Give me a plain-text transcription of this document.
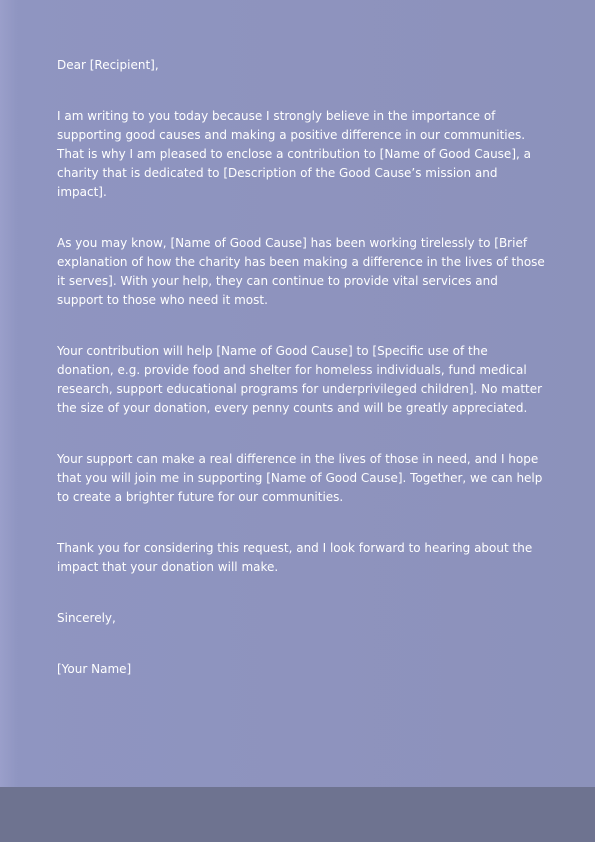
Dear [Recipient],

I am writing to you today because I strongly believe in the importance of supporting good causes and making a positive difference in our communities. That is why I am pleased to enclose a contribution to [Name of Good Cause], a charity that is dedicated to [Description of the Good Cause’s mission and impact].

As you may know, [Name of Good Cause] has been working tirelessly to [Brief explanation of how the charity has been making a difference in the lives of those it serves]. With your help, they can continue to provide vital services and support to those who need it most.

Your contribution will help [Name of Good Cause] to [Specific use of the donation, e.g. provide food and shelter for homeless individuals, fund medical research, support educational programs for underprivileged children]. No matter the size of your donation, every penny counts and will be greatly appreciated.

Your support can make a real difference in the lives of those in need, and I hope that you will join me in supporting [Name of Good Cause]. Together, we can help to create a brighter future for our communities.

Thank you for considering this request, and I look forward to hearing about the impact that your donation will make.

Sincerely,

[Your Name]
